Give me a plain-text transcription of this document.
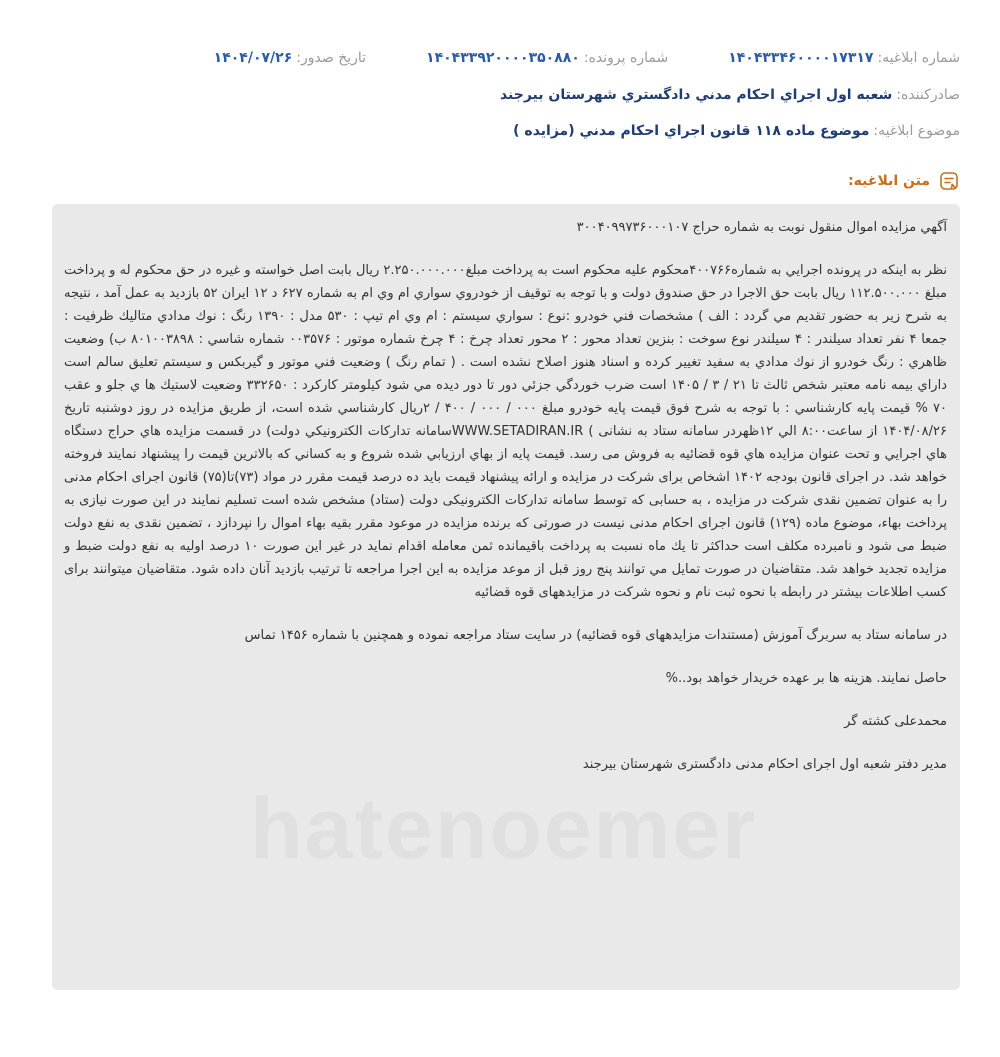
شماره ابلاغیه:
۱۴۰۴۳۳۴۶۰۰۰۰۱۷۳۱۷
شماره پرونده:
۱۴۰۴۳۳۹۲۰۰۰۰۳۵۰۸۸۰
تاریخ صدور:
۱۴۰۴/۰۷/۲۶
صادرکننده:
شعبه اول اجراي احكام مدني دادگستري شهرستان بيرجند
موضوع ابلاغیه:
موضوع ماده ۱۱۸ قانون اجراي احكام مدني (مزايده )
متن ابلاغیه:

آگهي مزايده اموال منقول نوبت به شماره حراج ۳۰۰۴۰۹۹۷۳۶۰۰۰۱۰۷

نظر به اينكه در پرونده اجرايي به شماره۴۰۰۷۶۶محكوم عليه محكوم است به پرداخت مبلغ۲.۲۵۰.۰۰۰.۰۰۰ ريال بابت اصل خواسته و غيره در حق محكوم له و پرداخت مبلغ ۱۱۲.۵۰۰.۰۰۰ ريال بابت حق الاجرا در حق صندوق دولت و با توجه به توقيف از خودروي سواري ام وي ام به شماره ۶۲۷ د ۱۲ ايران ۵۲ بازديد به عمل آمد ، نتيجه به شرح زير به حضور تقديم مي گردد : الف ) مشخصات فني خودرو :نوع : سواري سيستم : ام وي ام تيپ : ۵۳۰ مدل : ۱۳۹۰ رنگ : نوك مدادي متاليك ظرفيت : جمعا ۴ نفر تعداد سيلندر : ۴ سيلندر نوع سوخت : بنزين تعداد محور : ۲ محور تعداد چرخ : ۴ چرخ شماره موتور : ۰۰۳۵۷۶ شماره شاسي : ۸۰۱۰۰۳۸۹۸ ب) وضعيت ظاهري : رنگ خودرو از نوك مدادي به سفيد تغيير كرده و اسناد هنوز اصلاح نشده است . ( تمام رنگ ) وضعيت فني موتور و گيربكس و سيستم تعليق سالم است داراي بيمه نامه معتبر شخص ثالث تا ۲۱ / ۳ / ۱۴۰۵ است ضرب خوردگي جزئي دور تا دور ديده مي شود كيلومتر كاركرد : ۳۳۲۶۵۰ وضعيت لاستيك ها ي جلو و عقب ۷۰ % قيمت پايه كارشناسي : با توجه به شرح فوق قيمت پايه خودرو مبلغ ۰۰۰ / ۰۰۰ / ۴۰۰ / ۲ريال كارشناسي شده است، از طريق مزايده در روز دوشنبه تاريخ ۱۴۰۴/۰۸/۲۶ از ساعت۸:۰۰ الي ۱۲ظهردر سامانه ستاد به نشانی ) WWW.SETADIRAN.IRسامانه تداركات الكترونيكي دولت) در قسمت مزايده هاي حراج دستگاه هاي اجرايي و تحت عنوان مزايده هاي قوه قضائيه به فروش می رسد. قيمت پايه از بهاي ارزيابي شده شروع و به كساني كه بالاترين قيمت را پيشنهاد نمايند فروخته خواهد شد. در اجرای قانون بودجه ۱۴۰۲ اشخاص برای شرکت در مزایده و ارائه پیشنهاد قیمت باید ده درصد قیمت مقرر در مواد (۷۳)تا(۷۵) قانون اجرای احکام مدنی را به عنوان تضمین نقدی شرکت در مزایده ، به حسابی که توسط سامانه تدارکات الکترونیکی دولت (ستاد) مشخص شده است تسلیم نمایند در این صورت نیازی به پرداخت بهاء، موضوع ماده (۱۲۹) قانون اجرای احکام مدنی نیست در صورتی که برنده مزایده در موعود مقرر بقیه بهاء اموال را نپردازد ، تضمین نقدی به نفع دولت ضبط می شود و نامبرده مکلف است حداکثر تا یك ماه نسبت به پرداخت باقیمانده ثمن معامله اقدام نماید در غیر این صورت ۱۰ درصد اولیه به نفع دولت ضبط و مزایده تجدید خواهد شد. متقاضيان در صورت تمايل مي توانند پنج روز قبل از موعد مزايده به اين اجرا مراجعه تا ترتيب بازديد آنان داده شود. متقاضیان میتوانند برای کسب اطلاعات بیشتر در رابطه با نحوه ثبت نام و نحوه شرکت در مزایدههای قوه قضائیه

در سامانه ستاد به سربرگ آموزش (مستندات مزایدههای قوه قضائیه) در سایت ستاد مراجعه نموده و همچنین با شماره ۱۴۵۶ تماس

حاصل نمایند. هزینه ها بر عهده خریدار خواهد بود..%

محمدعلی کشته گر

مدیر دفتر شعبه اول اجرای احکام مدنی دادگستری شهرستان بیرجند

hatenoemer
